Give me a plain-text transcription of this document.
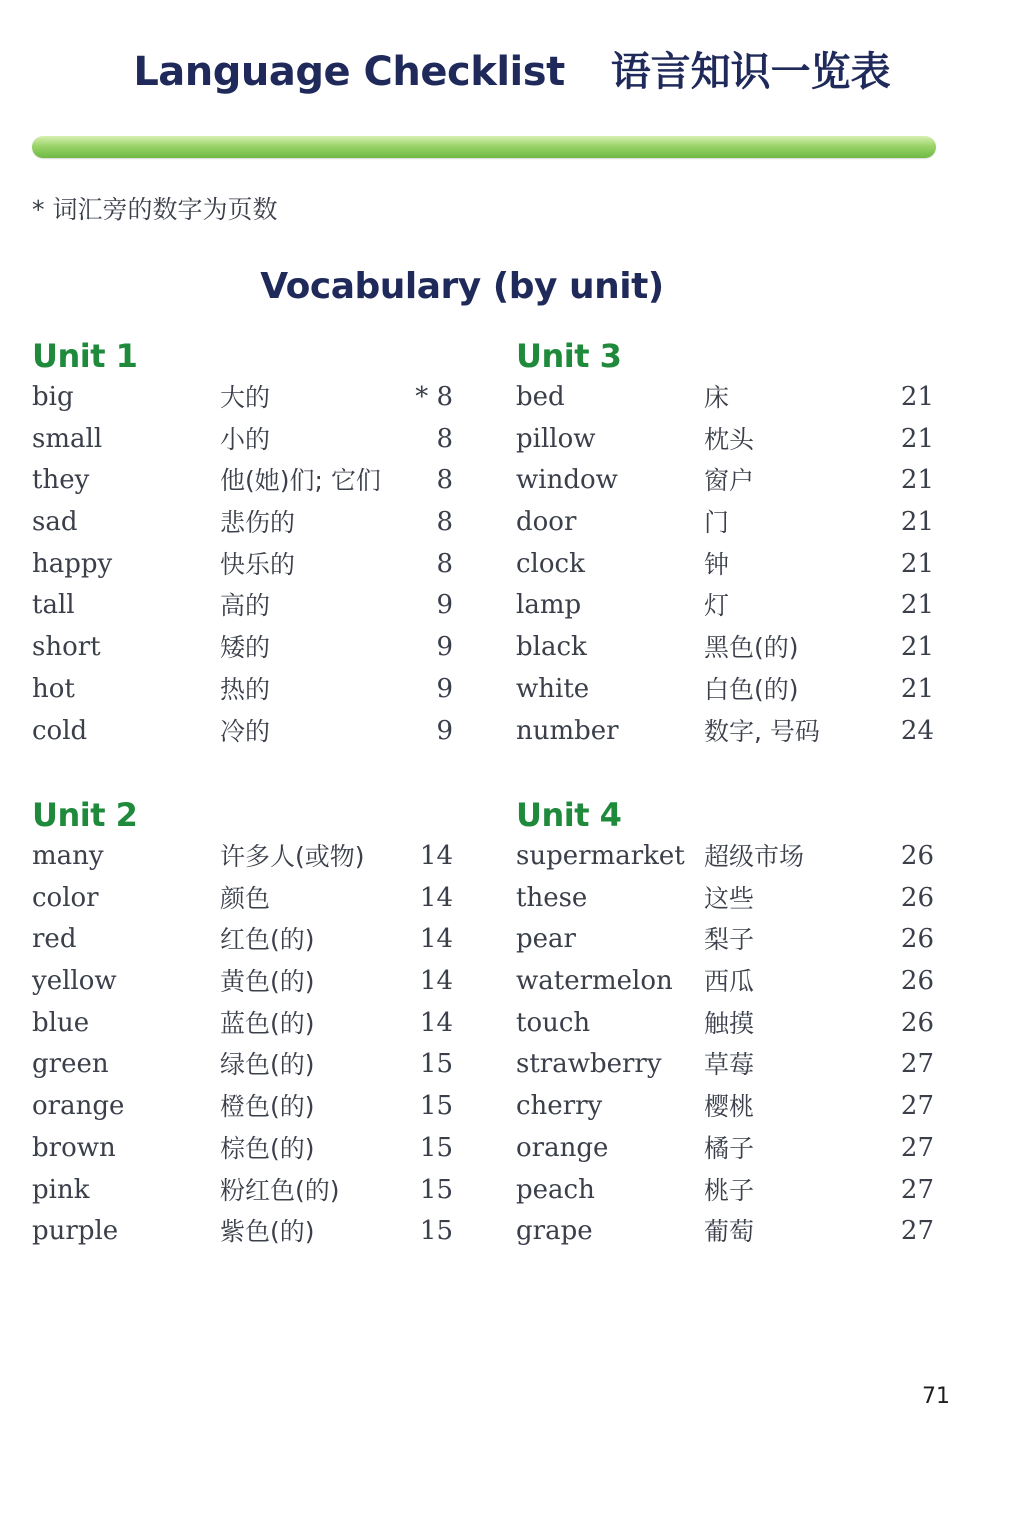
Language Checklist 语言知识一览表
* 词汇旁的数字为页数
Vocabulary (by unit)
Unit 1
big	大的	* 8
small	小的	8
they	他(她)们; 它们 8
sad	悲伤的	8
happy	快乐的	8
tall	高的	9
short	矮的	9
hot	热的	9
cold	冷的	9
Unit 2
many	许多人(或物) 14
color	颜色	14
red	红色(的)	14
yellow	黄色(的)	14
blue	蓝色(的)	14
green	绿色(的)	15
orange	橙色(的)	15
brown	棕色(的)	15
pink	粉红色(的)	15
purple	紫色(的)	15
Unit 3
bed	床	21
pillow	枕头	21
window	窗户	21
door	门	21
clock	钟	21
lamp	灯	21
black	黑色(的)	21
white	白色(的)	21
number	数字, 号码	24
Unit 4
supermarket 超级市场	26
these	这些	26
pear	梨子	26
watermelon 西瓜	26
touch	触摸	26
strawberry 草莓	27
cherry	樱桃	27
orange	橘子	27
peach	桃子	27
grape	葡萄	27
71
